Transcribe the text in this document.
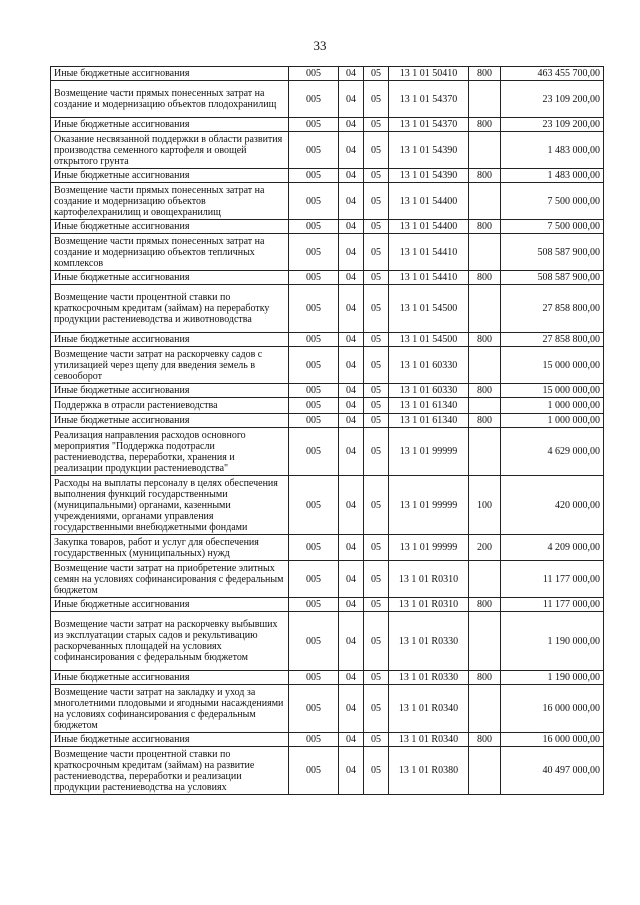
33
Иные бюджетные ассигнования	005	04	05	13 1 01 50410	800	463 455 700,00
Возмещение части прямых понесенных затрат на создание и модернизацию объектов плодохранилищ	005	04	05	13 1 01 54370		23 109 200,00
Иные бюджетные ассигнования	005	04	05	13 1 01 54370	800	23 109 200,00
Оказание несвязанной поддержки в области развития производства семенного картофеля и овощей открытого грунта	005	04	05	13 1 01 54390		1 483 000,00
Иные бюджетные ассигнования	005	04	05	13 1 01 54390	800	1 483 000,00
Возмещение части прямых понесенных затрат на создание и модернизацию объектов картофелехранилищ и овощехранилищ	005	04	05	13 1 01 54400		7 500 000,00
Иные бюджетные ассигнования	005	04	05	13 1 01 54400	800	7 500 000,00
Возмещение части прямых понесенных затрат на создание и модернизацию объектов тепличных комплексов	005	04	05	13 1 01 54410		508 587 900,00
Иные бюджетные ассигнования	005	04	05	13 1 01 54410	800	508 587 900,00
Возмещение части процентной ставки по краткосрочным кредитам (займам) на переработку продукции растениеводства и животноводства	005	04	05	13 1 01 54500		27 858 800,00
Иные бюджетные ассигнования	005	04	05	13 1 01 54500	800	27 858 800,00
Возмещение части затрат на раскорчевку садов с утилизацией через щепу для введения земель в севооборот	005	04	05	13 1 01 60330		15 000 000,00
Иные бюджетные ассигнования	005	04	05	13 1 01 60330	800	15 000 000,00
Поддержка в отрасли растениеводства	005	04	05	13 1 01 61340		1 000 000,00
Иные бюджетные ассигнования	005	04	05	13 1 01 61340	800	1 000 000,00
Реализация направления расходов основного мероприятия "Поддержка подотрасли растениеводства, переработки, хранения и реализации продукции растениеводства"	005	04	05	13 1 01 99999		4 629 000,00
Расходы на выплаты персоналу в целях обеспечения выполнения функций государственными (муниципальными) органами, казенными учреждениями, органами управления государственными внебюджетными фондами	005	04	05	13 1 01 99999	100	420 000,00
Закупка товаров, работ и услуг для обеспечения государственных (муниципальных) нужд	005	04	05	13 1 01 99999	200	4 209 000,00
Возмещение части затрат на приобретение элитных семян на условиях софинансирования с федеральным бюджетом	005	04	05	13 1 01 R0310		11 177 000,00
Иные бюджетные ассигнования	005	04	05	13 1 01 R0310	800	11 177 000,00
Возмещение части затрат на раскорчевку выбывших из эксплуатации старых садов и рекультивацию раскорчеванных площадей на условиях софинансирования с федеральным бюджетом	005	04	05	13 1 01 R0330		1 190 000,00
Иные бюджетные ассигнования	005	04	05	13 1 01 R0330	800	1 190 000,00
Возмещение части затрат на закладку и уход за многолетними плодовыми и ягодными насаждениями на условиях софинансирования с федеральным бюджетом	005	04	05	13 1 01 R0340		16 000 000,00
Иные бюджетные ассигнования	005	04	05	13 1 01 R0340	800	16 000 000,00
Возмещение части процентной ставки по краткосрочным кредитам (займам) на развитие растениеводства, переработки и реализации продукции растениеводства на условиях	005	04	05	13 1 01 R0380		40 497 000,00
